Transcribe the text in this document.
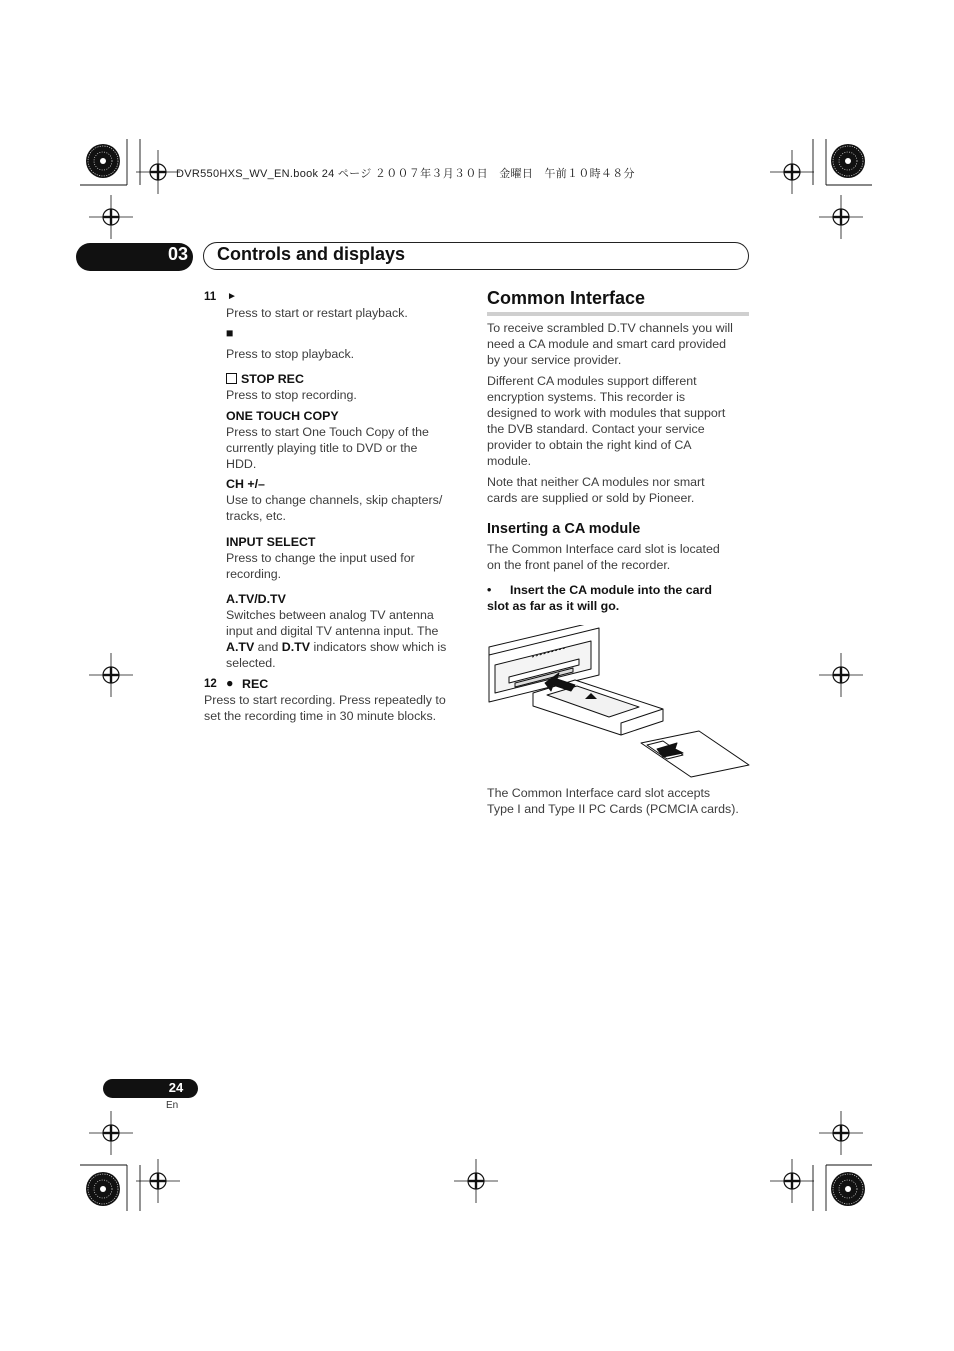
DVR550HXS_WV_EN.book 24 ページ ２００７年３月３０日　金曜日　午前１０時４８分
03 Controls and displays
11 ►
Press to start or restart playback.
■
Press to stop playback.
STOP REC
Press to stop recording.
ONE TOUCH COPY
Press to start One Touch Copy of the
currently playing title to DVD or the
HDD.
CH +/–
Use to change channels, skip chapters/
tracks, etc.
INPUT SELECT
Press to change the input used for
recording.
A.TV/D.TV
Switches between analog TV antenna
input and digital TV antenna input. The
A.TV and D.TV indicators show which is
selected.
12 ● REC
Press to start recording. Press repeatedly to
set the recording time in 30 minute blocks.
Common Interface
To receive scrambled D.TV channels you will
need a CA module and smart card provided
by your service provider.
Different CA modules support different
encryption systems. This recorder is
designed to work with modules that support
the DVB standard. Contact your service
provider to obtain the right kind of CA
module.
Note that neither CA modules nor smart
cards are supplied or sold by Pioneer.
Inserting a CA module
The Common Interface card slot is located
on the front panel of the recorder.
• Insert the CA module into the card
slot as far as it will go.
The Common Interface card slot accepts
Type I and Type II PC Cards (PCMCIA cards).
24
En
